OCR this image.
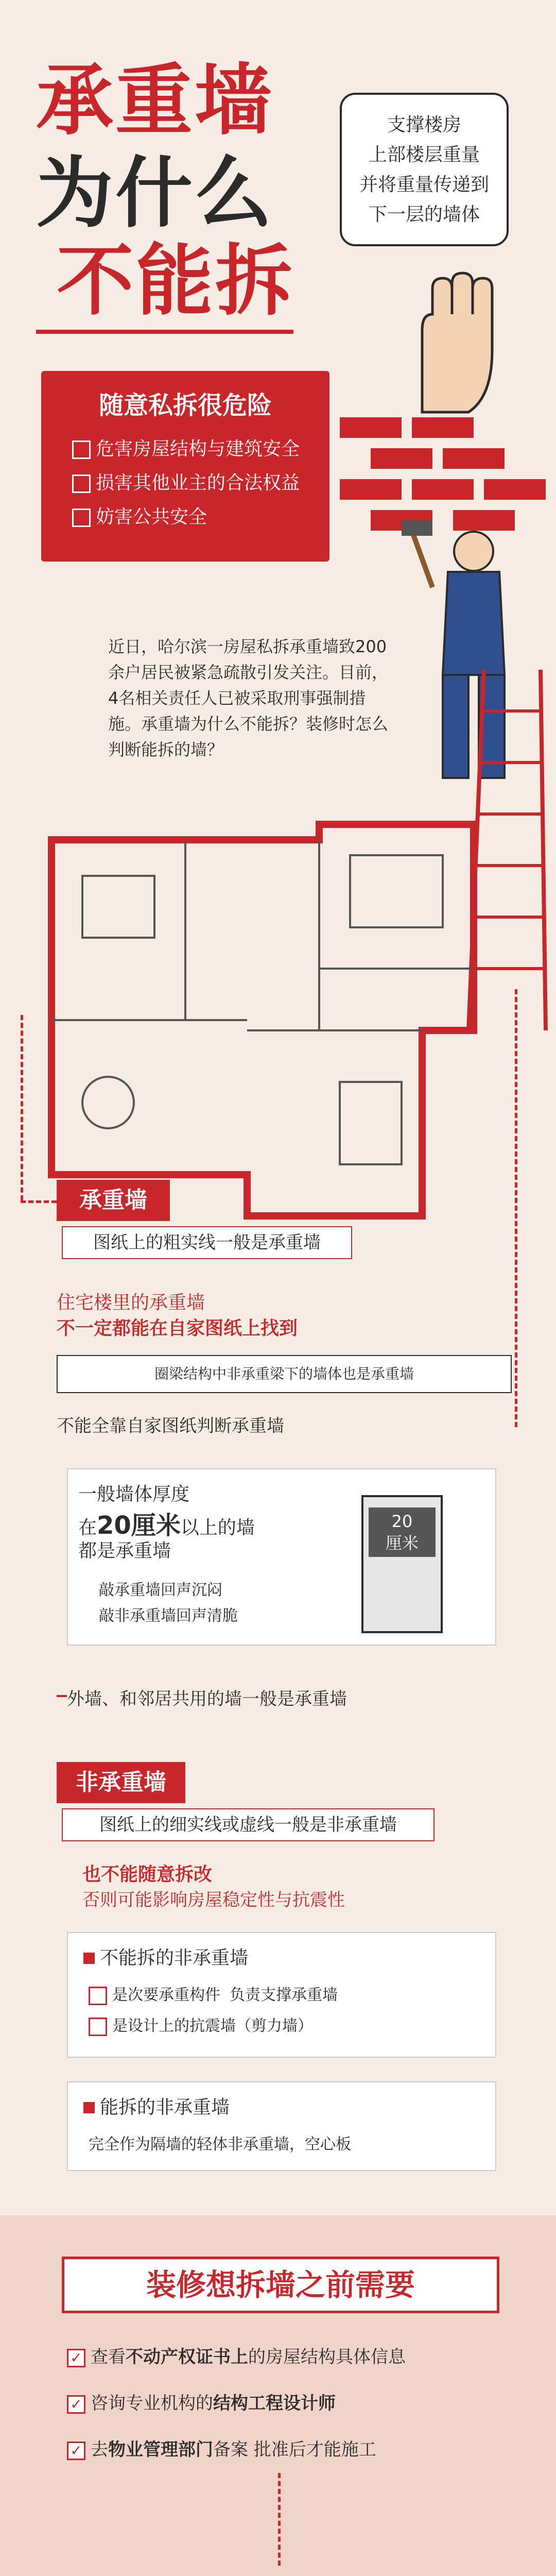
承重墙
为什么
不能拆
支撑楼房
上部楼层重量
并将重量传递到
下一层的墙体
随意私拆很危险
危害房屋结构与建筑安全
损害其他业主的合法权益
妨害公共安全
近日，哈尔滨一房屋私拆承重墙致200余户居民被紧急疏散引发关注。目前，4名相关责任人已被采取刑事强制措施。承重墙为什么不能拆？装修时怎么判断能拆的墙？
承重墙
图纸上的粗实线一般是承重墙
住宅楼里的承重墙
不一定都能在自家图纸上找到
圈梁结构中非承重梁下的墙体也是承重墙
不能全靠自家图纸判断承重墙
一般墙体厚度
在20厘米以上的墙
都是承重墙
20
厘米
敲承重墙回声沉闷
敲非承重墙回声清脆
外墙、和邻居共用的墙一般是承重墙
非承重墙
图纸上的细实线或虚线一般是非承重墙
也不能随意拆改
否则可能影响房屋稳定性与抗震性
不能拆的非承重墙
是次要承重构件 负责支撑承重墙
是设计上的抗震墙（剪力墙）
能拆的非承重墙
完全作为隔墙的轻体非承重墙，空心板
装修想拆墙之前需要
✓查看不动产权证书上的房屋结构具体信息
✓咨询专业机构的结构工程设计师
✓去物业管理部门备案 批准后才能施工
